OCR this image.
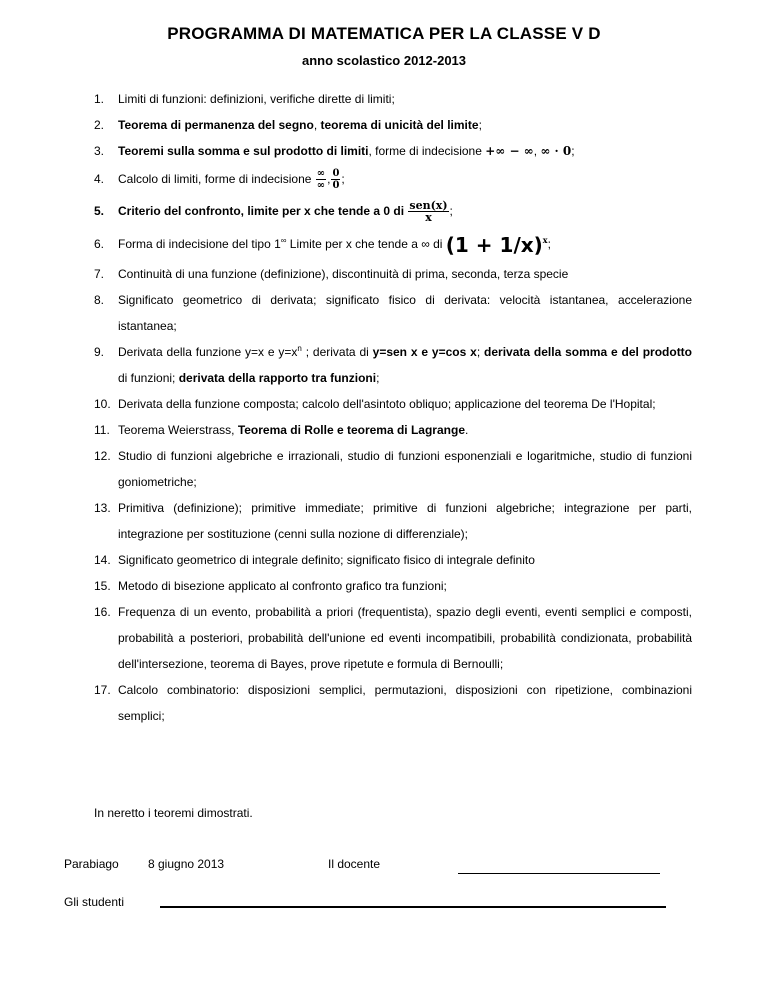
PROGRAMMA DI MATEMATICA PER LA CLASSE V D
anno scolastico 2012-2013
1. Limiti di funzioni: definizioni, verifiche dirette di limiti;
2. Teorema di permanenza del segno, teorema di unicità del limite;
3. Teoremi sulla somma e sul prodotto di limiti, forme di indecisione +∞ − ∞, ∞ · 0;
4. Calcolo di limiti, forme di indecisione $\frac{\infty}{\infty}$ , $\frac{0}{0}$ ;
5. Criterio del confronto, limite per x che tende a 0 di $\frac{\text{sen(x)}}{x}$ ;
6. Forma di indecisione del tipo 1∞ Limite per x che tende a ∞ di $(1 + 1/x)^x$;
7. Continuità di una funzione (definizione), discontinuità di prima, seconda, terza specie
8. Significato geometrico di derivata; significato fisico di derivata: velocità istantanea, accelerazione istantanea;
9. Derivata della funzione y=x e $y=x^n$ ; derivata di y=sen x e y=cos x; derivata della somma e del prodotto di funzioni; derivata della rapporto tra funzioni;
10. Derivata della funzione composta; calcolo dell'asintoto obliquo; applicazione del teorema De l'Hopital;
11. Teorema Weierstrass, Teorema di Rolle e teorema di Lagrange.
12. Studio di funzioni algebriche e irrazionali, studio di funzioni esponenziali e logaritmiche, studio di funzioni goniometriche;
13. Primitiva (definizione); primitive immediate; primitive di funzioni algebriche; integrazione per parti, integrazione per sostituzione (cenni sulla nozione di differenziale);
14. Significato geometrico di integrale definito; significato fisico di integrale definito
15. Metodo di bisezione applicato al confronto grafico tra funzioni;
16. Frequenza di un evento, probabilità a priori (frequentista), spazio degli eventi, eventi semplici e composti, probabilità a posteriori, probabilità dell'unione ed eventi incompatibili, probabilità condizionata, probabilità dell'intersezione, teorema di Bayes, prove ripetute e formula di Bernoulli;
17. Calcolo combinatorio: disposizioni semplici, permutazioni, disposizioni con ripetizione, combinazioni semplici;
In neretto i teoremi dimostrati.
Parabiago 8 giugno 2013	Il docente
Gli studenti
